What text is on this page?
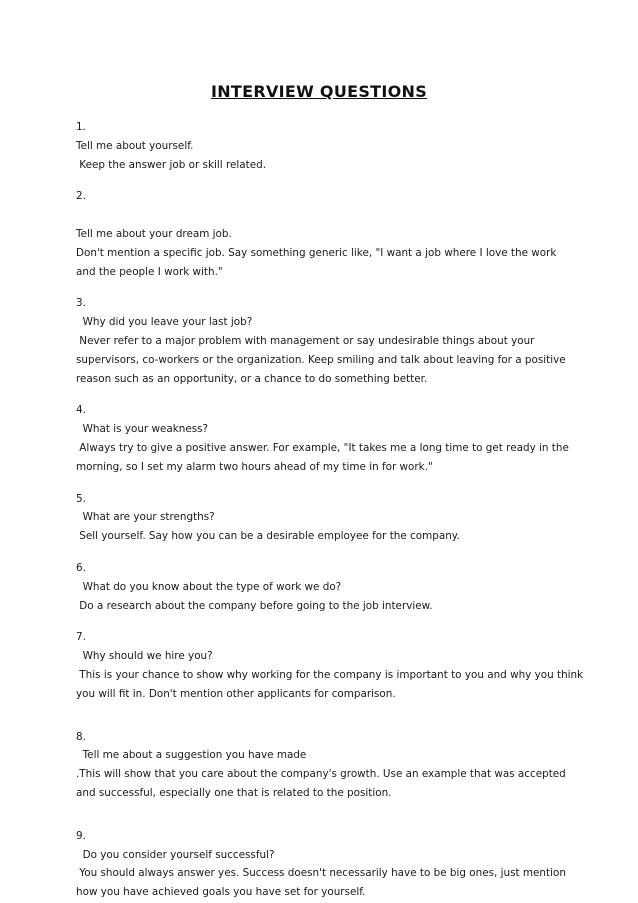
INTERVIEW QUESTIONS
1.
Tell me about yourself.
Keep the answer job or skill related.
2.
Tell me about your dream job.
Don't mention a specific job. Say something generic like, "I want a job where I love the work
and the people I work with."
3.
Why did you leave your last job?
Never refer to a major problem with management or say undesirable things about your
supervisors, co-workers or the organization. Keep smiling and talk about leaving for a positive
reason such as an opportunity, or a chance to do something better.
4.
What is your weakness?
Always try to give a positive answer. For example, "It takes me a long time to get ready in the
morning, so I set my alarm two hours ahead of my time in for work."
5.
What are your strengths?
Sell yourself. Say how you can be a desirable employee for the company.
6.
What do you know about the type of work we do?
Do a research about the company before going to the job interview.
7.
Why should we hire you?
This is your chance to show why working for the company is important to you and why you think
you will fit in. Don't mention other applicants for comparison.
8.
Tell me about a suggestion you have made
.This will show that you care about the company's growth. Use an example that was accepted
and successful, especially one that is related to the position.
9.
Do you consider yourself successful?
You should always answer yes. Success doesn't necessarily have to be big ones, just mention
how you have achieved goals you have set for yourself.
